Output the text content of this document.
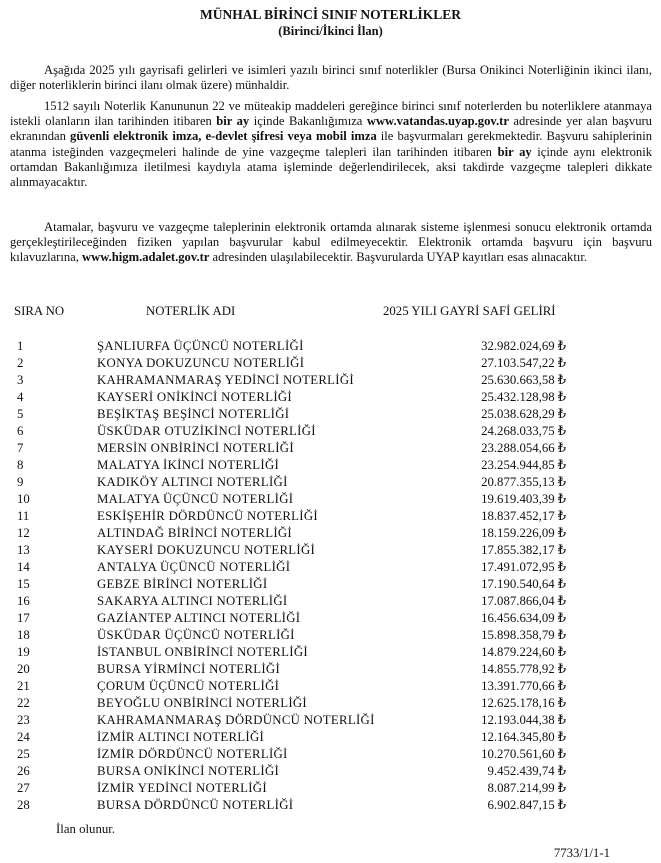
MÜNHAL BİRİNCİ SINIF NOTERLİKLER
(Birinci/İkinci İlan)

Aşağıda 2025 yılı gayrisafi gelirleri ve isimleri yazılı birinci sınıf noterlikler (Bursa Onikinci Noterliğinin ikinci ilanı, diğer noterliklerin birinci ilanı olmak üzere) münhaldir.

1512 sayılı Noterlik Kanununun 22 ve müteakip maddeleri gereğince birinci sınıf noterlerden bu noterliklere atanmaya istekli olanların ilan tarihinden itibaren bir ay içinde Bakanlığımıza www.vatandas.uyap.gov.tr adresinde yer alan başvuru ekranından güvenli elektronik imza, e-devlet şifresi veya mobil imza ile başvurmaları gerekmektedir. Başvuru sahiplerinin atanma isteğinden vazgeçmeleri halinde de yine vazgeçme talepleri ilan tarihinden itibaren bir ay içinde aynı elektronik ortamdan Bakanlığımıza iletilmesi kaydıyla atama işleminde değerlendirilecek, aksi takdirde vazgeçme talepleri dikkate alınmayacaktır.

Atamalar, başvuru ve vazgeçme taleplerinin elektronik ortamda alınarak sisteme işlenmesi sonucu elektronik ortamda gerçekleştirileceğinden fiziken yapılan başvurular kabul edilmeyecektir. Elektronik ortamda başvuru için başvuru kılavuzlarına, www.higm.adalet.gov.tr adresinden ulaşılabilecektir. Başvurularda UYAP kayıtları esas alınacaktır.

SIRA NO	NOTERLİK ADI	2025 YILI GAYRİ SAFİ GELİRİ
1	ŞANLIURFA ÜÇÜNCÜ NOTERLİĞİ	32.982.024,69 ₺
2	KONYA DOKUZUNCU NOTERLİĞİ	27.103.547,22 ₺
3	KAHRAMANMARAŞ YEDİNCİ NOTERLİĞİ	25.630.663,58 ₺
4	KAYSERİ ONİKİNCİ NOTERLİĞİ	25.432.128,98 ₺
5	BEŞİKTAŞ BEŞİNCİ NOTERLİĞİ	25.038.628,29 ₺
6	ÜSKÜDAR OTUZİKİNCİ NOTERLİĞİ	24.268.033,75 ₺
7	MERSİN ONBİRİNCİ NOTERLİĞİ	23.288.054,66 ₺
8	MALATYA İKİNCİ NOTERLİĞİ	23.254.944,85 ₺
9	KADIKÖY ALTINCI NOTERLİĞİ	20.877.355,13 ₺
10	MALATYA ÜÇÜNCÜ NOTERLİĞİ	19.619.403,39 ₺
11	ESKİŞEHİR DÖRDÜNCÜ NOTERLİĞİ	18.837.452,17 ₺
12	ALTINDAĞ BİRİNCİ NOTERLİĞİ	18.159.226,09 ₺
13	KAYSERİ DOKUZUNCU NOTERLİĞİ	17.855.382,17 ₺
14	ANTALYA ÜÇÜNCÜ NOTERLİĞİ	17.491.072,95 ₺
15	GEBZE BİRİNCİ NOTERLİĞİ	17.190.540,64 ₺
16	SAKARYA ALTINCI NOTERLİĞİ	17.087.866,04 ₺
17	GAZİANTEP ALTINCI NOTERLİĞİ	16.456.634,09 ₺
18	ÜSKÜDAR ÜÇÜNCÜ NOTERLİĞİ	15.898.358,79 ₺
19	İSTANBUL ONBİRİNCİ NOTERLİĞİ	14.879.224,60 ₺
20	BURSA YİRMİNCİ NOTERLİĞİ	14.855.778,92 ₺
21	ÇORUM ÜÇÜNCÜ NOTERLİĞİ	13.391.770,66 ₺
22	BEYOĞLU ONBİRİNCİ NOTERLİĞİ	12.625.178,16 ₺
23	KAHRAMANMARAŞ DÖRDÜNCÜ NOTERLİĞİ	12.193.044,38 ₺
24	İZMİR ALTINCI NOTERLİĞİ	12.164.345,80 ₺
25	İZMİR DÖRDÜNCÜ NOTERLİĞİ	10.270.561,60 ₺
26	BURSA ONİKİNCİ NOTERLİĞİ	9.452.439,74 ₺
27	İZMİR YEDİNCİ NOTERLİĞİ	8.087.214,99 ₺
28	BURSA DÖRDÜNCÜ NOTERLİĞİ	6.902.847,15 ₺
İlan olunur.
7733/1/1-1
